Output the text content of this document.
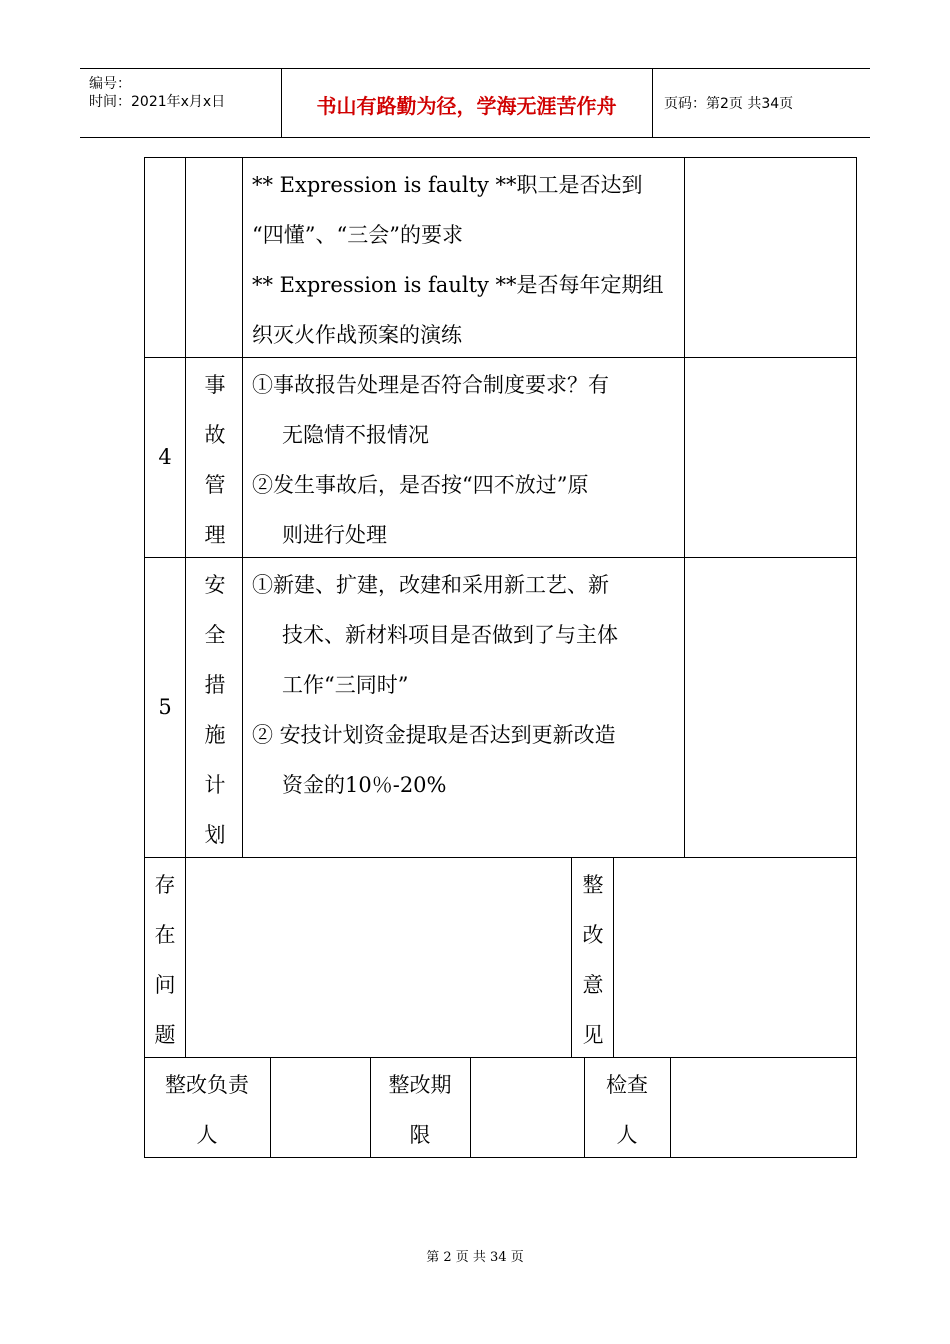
编号：
时间：2021年x月x日	书山有路勤为径，学海无涯苦作舟	页码：第2页 共34页
** Expression is faulty **职工是否达到
“四懂”、“三会”的要求
** Expression is faulty **是否每年定期组
织灭火作战预案的演练
4
事
故
管
理
①事故报告处理是否符合制度要求？有
无隐情不报情况
②发生事故后，是否按“四不放过”原
则进行处理
5
安
全
措
施
计
划
①新建、扩建，改建和采用新工艺、新
技术、新材料项目是否做到了与主体
工作“三同时”
② 安技计划资金提取是否达到更新改造
资金的10％-20%
存
在
问
题
整
改
意
见
整改负责
人
整改期
限
检查
人
第 2 页 共 34 页
